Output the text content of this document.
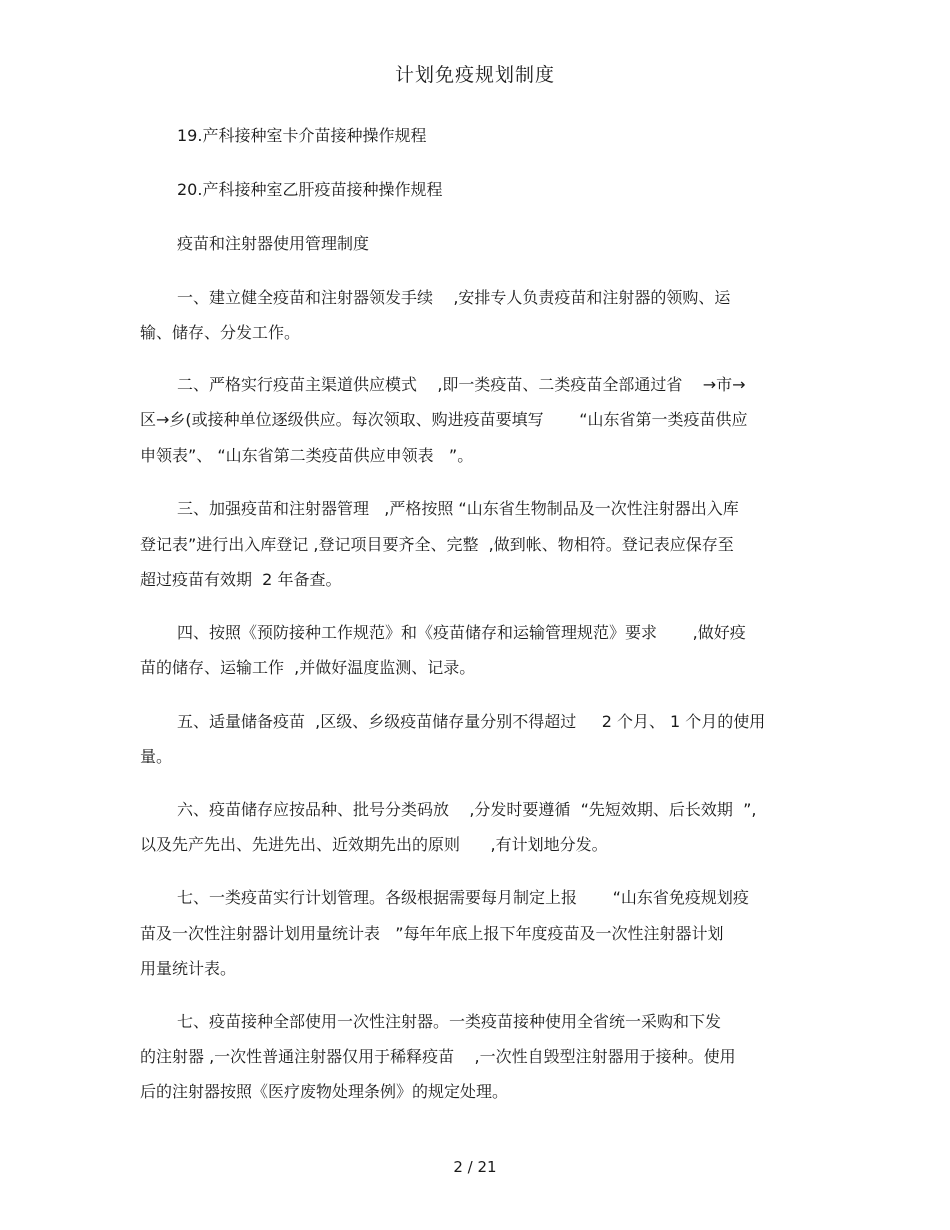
计划免疫规划制度
19.产科接种室卡介苗接种操作规程
20.产科接种室乙肝疫苗接种操作规程
疫苗和注射器使用管理制度
一、建立健全疫苗和注射器领发手续    ,安排专人负责疫苗和注射器的领购、运
输、储存、分发工作。
二、严格实行疫苗主渠道供应模式    ,即一类疫苗、二类疫苗全部通过省    →市→
区→乡(或接种单位逐级供应。每次领取、购进疫苗要填写       “山东省第一类疫苗供应
申领表”、 “山东省第二类疫苗供应申领表   ”。
三、加强疫苗和注射器管理   ,严格按照 “山东省生物制品及一次性注射器出入库
登记表”进行出入库登记 ,登记项目要齐全、完整  ,做到帐、物相符。登记表应保存至
超过疫苗有效期  2 年备查。
四、按照《预防接种工作规范》和《疫苗储存和运输管理规范》要求       ,做好疫
苗的储存、运输工作  ,并做好温度监测、记录。
五、适量储备疫苗  ,区级、乡级疫苗储存量分别不得超过     2 个月、 1 个月的使用
量。
六、疫苗储存应按品种、批号分类码放    ,分发时要遵循  “先短效期、后长效期  ”,
以及先产先出、先进先出、近效期先出的原则      ,有计划地分发。
七、一类疫苗实行计划管理。各级根据需要每月制定上报       “山东省免疫规划疫
苗及一次性注射器计划用量统计表   ”每年年底上报下年度疫苗及一次性注射器计划
用量统计表。
七、疫苗接种全部使用一次性注射器。一类疫苗接种使用全省统一采购和下发
的注射器 ,一次性普通注射器仅用于稀释疫苗    ,一次性自毁型注射器用于接种。使用
后的注射器按照《医疗废物处理条例》的规定处理。
2 / 21
